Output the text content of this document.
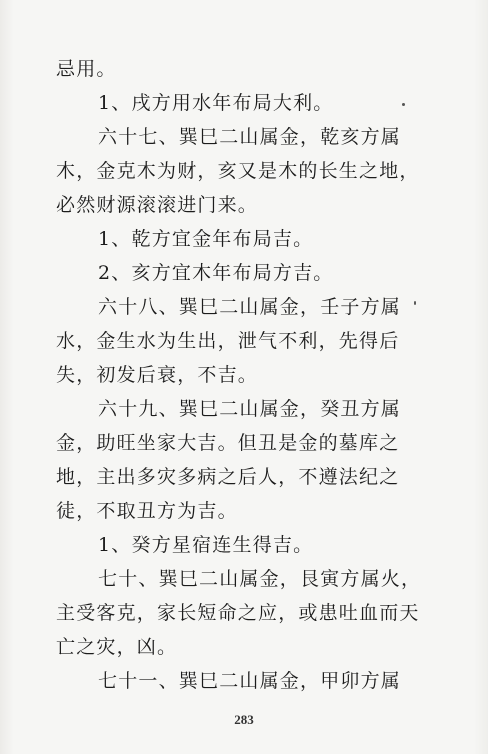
忌用。
1、戌方用水年布局大利。
六十七、巽巳二山属金，乾亥方属
木，金克木为财，亥又是木的长生之地，
必然财源滚滚进门来。
1、乾方宜金年布局吉。
2、亥方宜木年布局方吉。
六十八、巽巳二山属金，壬子方属
水，金生水为生出，泄气不利，先得后
失，初发后衰，不吉。
六十九、巽巳二山属金，癸丑方属
金，助旺坐家大吉。但丑是金的墓库之
地，主出多灾多病之后人，不遵法纪之
徒，不取丑方为吉。
1、癸方星宿连生得吉。
七十、巽巳二山属金，艮寅方属火，
主受客克，家长短命之应，或患吐血而天
亡之灾，凶。
七十一、巽巳二山属金，甲卯方属
283
